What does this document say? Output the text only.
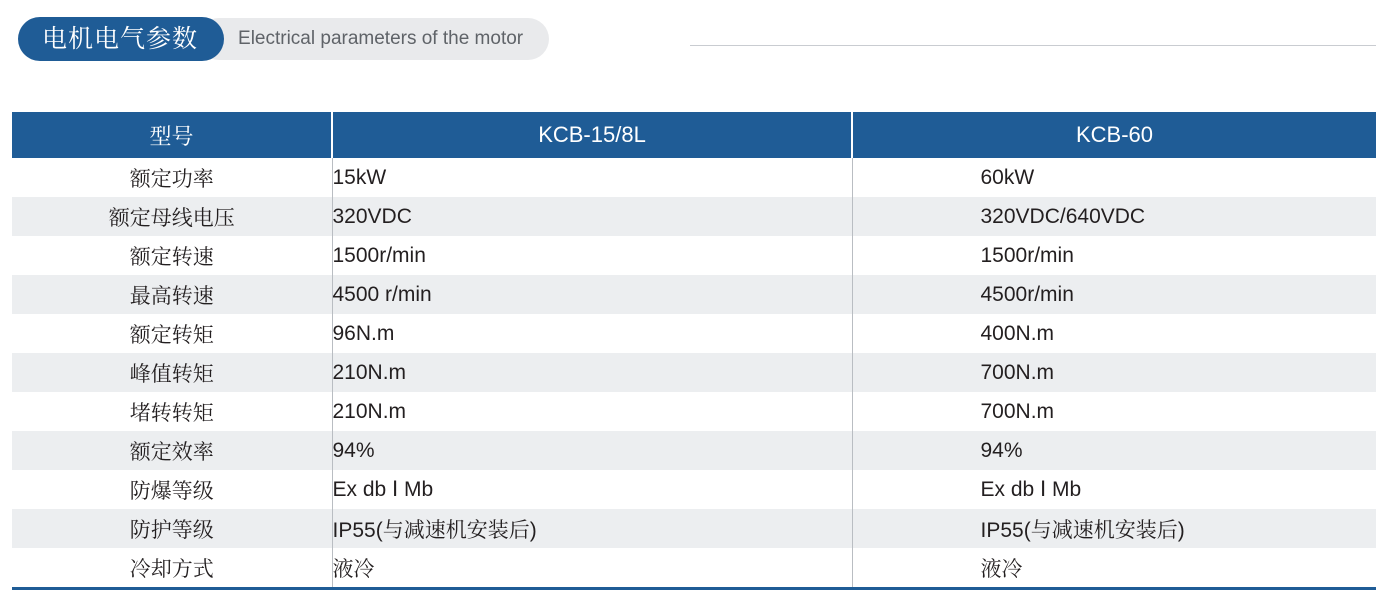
电机电气参数	Electrical parameters of the motor
型号	KCB-15/8L	KCB-60
额定功率	15kW	60kW
额定母线电压	320VDC	320VDC/640VDC
额定转速	1500r/min	1500r/min
最高转速	4500 r/min	4500r/min
额定转矩	96N.m	400N.m
峰值转矩	210N.m	700N.m
堵转转矩	210N.m	700N.m
额定效率	94%	94%
防爆等级	Ex db Ⅰ Mb	Ex db Ⅰ Mb
防护等级	IP55(与减速机安装后)	IP55(与减速机安装后)
冷却方式	液冷	液冷
